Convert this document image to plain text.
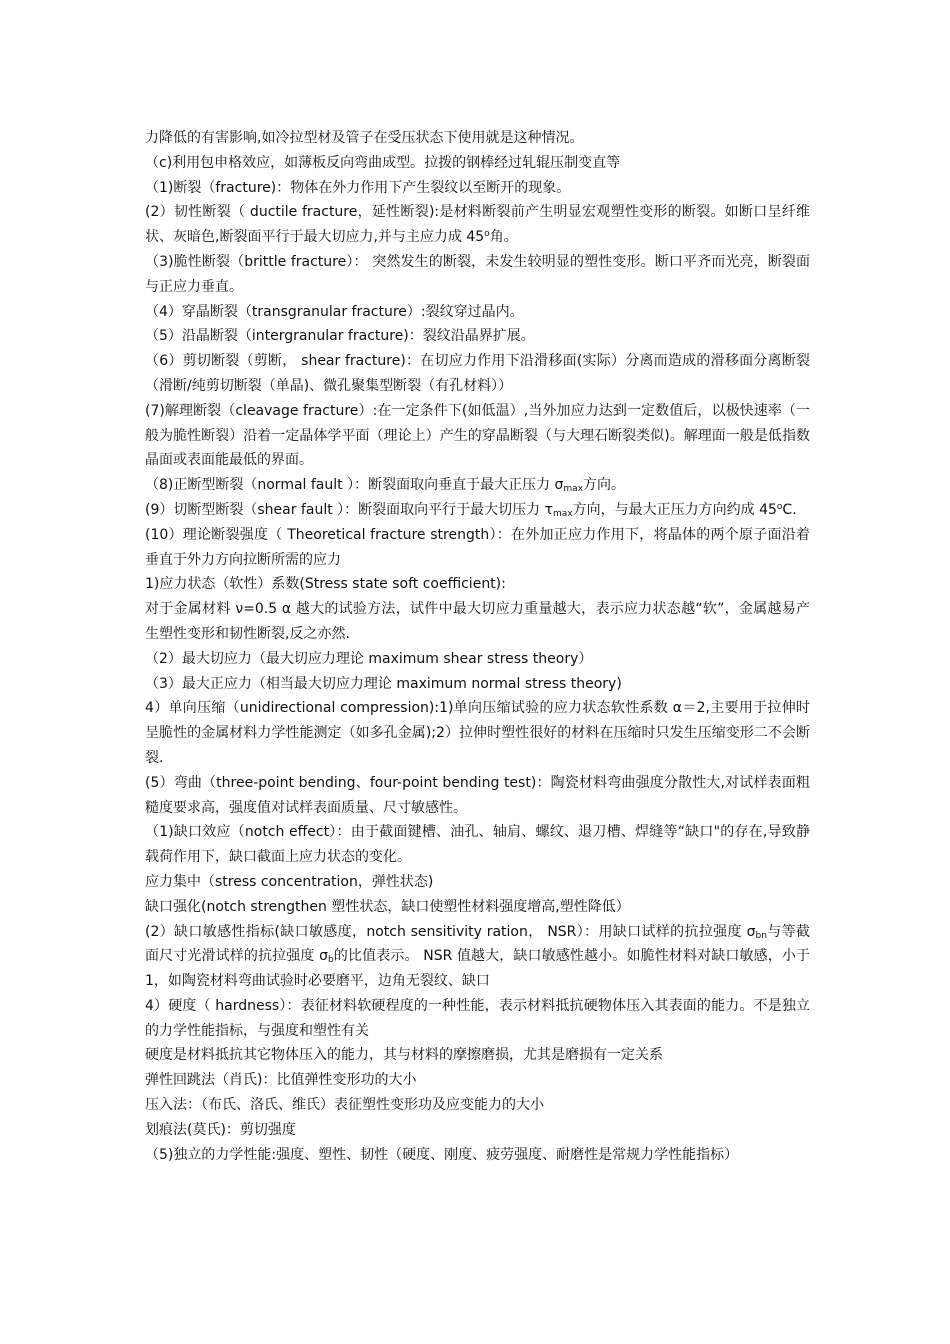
力降低的有害影响,如冷拉型材及管子在受压状态下使用就是这种情况。

（c)利用包申格效应，如薄板反向弯曲成型。拉拨的钢棒经过轧辊压制变直等

（1)断裂（fracture)：物体在外力作用下产生裂纹以至断开的现象。

(2）韧性断裂（ ductile fracture，延性断裂):是材料断裂前产生明显宏观塑性变形的断裂。如断口呈纤维状、灰暗色,断裂面平行于最大切应力,并与主应力成 45$^o$角。

（3)脆性断裂（brittle fracture）： 突然发生的断裂，未发生较明显的塑性变形。断口平齐而光亮，断裂面与正应力垂直。

（4）穿晶断裂（transgranular fracture）:裂纹穿过晶内。

（5）沿晶断裂（intergranular fracture)：裂纹沿晶界扩展。

（6）剪切断裂（剪断， shear fracture)：在切应力作用下沿滑移面(实际）分离而造成的滑移面分离断裂（滑断/纯剪切断裂（单晶)、微孔聚集型断裂（有孔材料））

(7)解理断裂（cleavage fracture）:在一定条件下(如低温）,当外加应力达到一定数值后，以极快速率（一般为脆性断裂）沿着一定晶体学平面（理论上）产生的穿晶断裂（与大理石断裂类似)。解理面一般是低指数晶面或表面能最低的界面。

（8)正断型断裂（normal fault ）：断裂面取向垂直于最大正压力 $\sigma_{max}$方向。

(9）切断型断裂（shear fault ）：断裂面取向平行于最大切压力 $\tau_{max}$方向，与最大正压力方向约成 45$^o$C.

(10）理论断裂强度（ Theoretical fracture strength）：在外加正应力作用下，将晶体的两个原子面沿着垂直于外力方向拉断所需的应力

1)应力状态（软性）系数(Stress state soft coefficient):

对于金属材料 ν=0.5 α 越大的试验方法，试件中最大切应力重量越大，表示应力状态越“软”，金属越易产生塑性变形和韧性断裂,反之亦然.

（2）最大切应力（最大切应力理论 maximum shear stress theory）

（3）最大正应力（相当最大切应力理论 maximum normal stress theory)

4）单向压缩（unidirectional compression):1)单向压缩试验的应力状态软性系数 α＝2,主要用于拉伸时呈脆性的金属材料力学性能测定（如多孔金属);2）拉伸时塑性很好的材料在压缩时只发生压缩变形二不会断裂.

(5）弯曲（three-point bending、four-point bending test)：陶瓷材料弯曲强度分散性大,对试样表面粗糙度要求高，强度值对试样表面质量、尺寸敏感性。

（1)缺口效应（notch effect）：由于截面键槽、油孔、轴肩、螺纹、退刀槽、焊缝等“缺口"的存在,导致静载荷作用下，缺口截面上应力状态的变化。

应力集中（stress concentration，弹性状态)

缺口强化(notch strengthen 塑性状态，缺口使塑性材料强度增高,塑性降低）

(2）缺口敏感性指标(缺口敏感度，notch sensitivity ration， NSR）：用缺口试样的抗拉强度 $\sigma_{bn}$与等截面尺寸光滑试样的抗拉强度 $\sigma_b$的比值表示。 NSR 值越大，缺口敏感性越小。如脆性材料对缺口敏感，小于 1，如陶瓷材料弯曲试验时必要磨平，边角无裂纹、缺口

4）硬度（ hardness）：表征材料软硬程度的一种性能，表示材料抵抗硬物体压入其表面的能力。不是独立的力学性能指标，与强度和塑性有关

硬度是材料抵抗其它物体压入的能力，其与材料的摩擦磨损，尤其是磨损有一定关系

弹性回跳法（肖氏)：比值弹性变形功的大小

压入法：（布氏、洛氏、维氏）表征塑性变形功及应变能力的大小

划痕法(莫氏)：剪切强度

（5)独立的力学性能:强度、塑性、韧性（硬度、刚度、疲劳强度、耐磨性是常规力学性能指标）
